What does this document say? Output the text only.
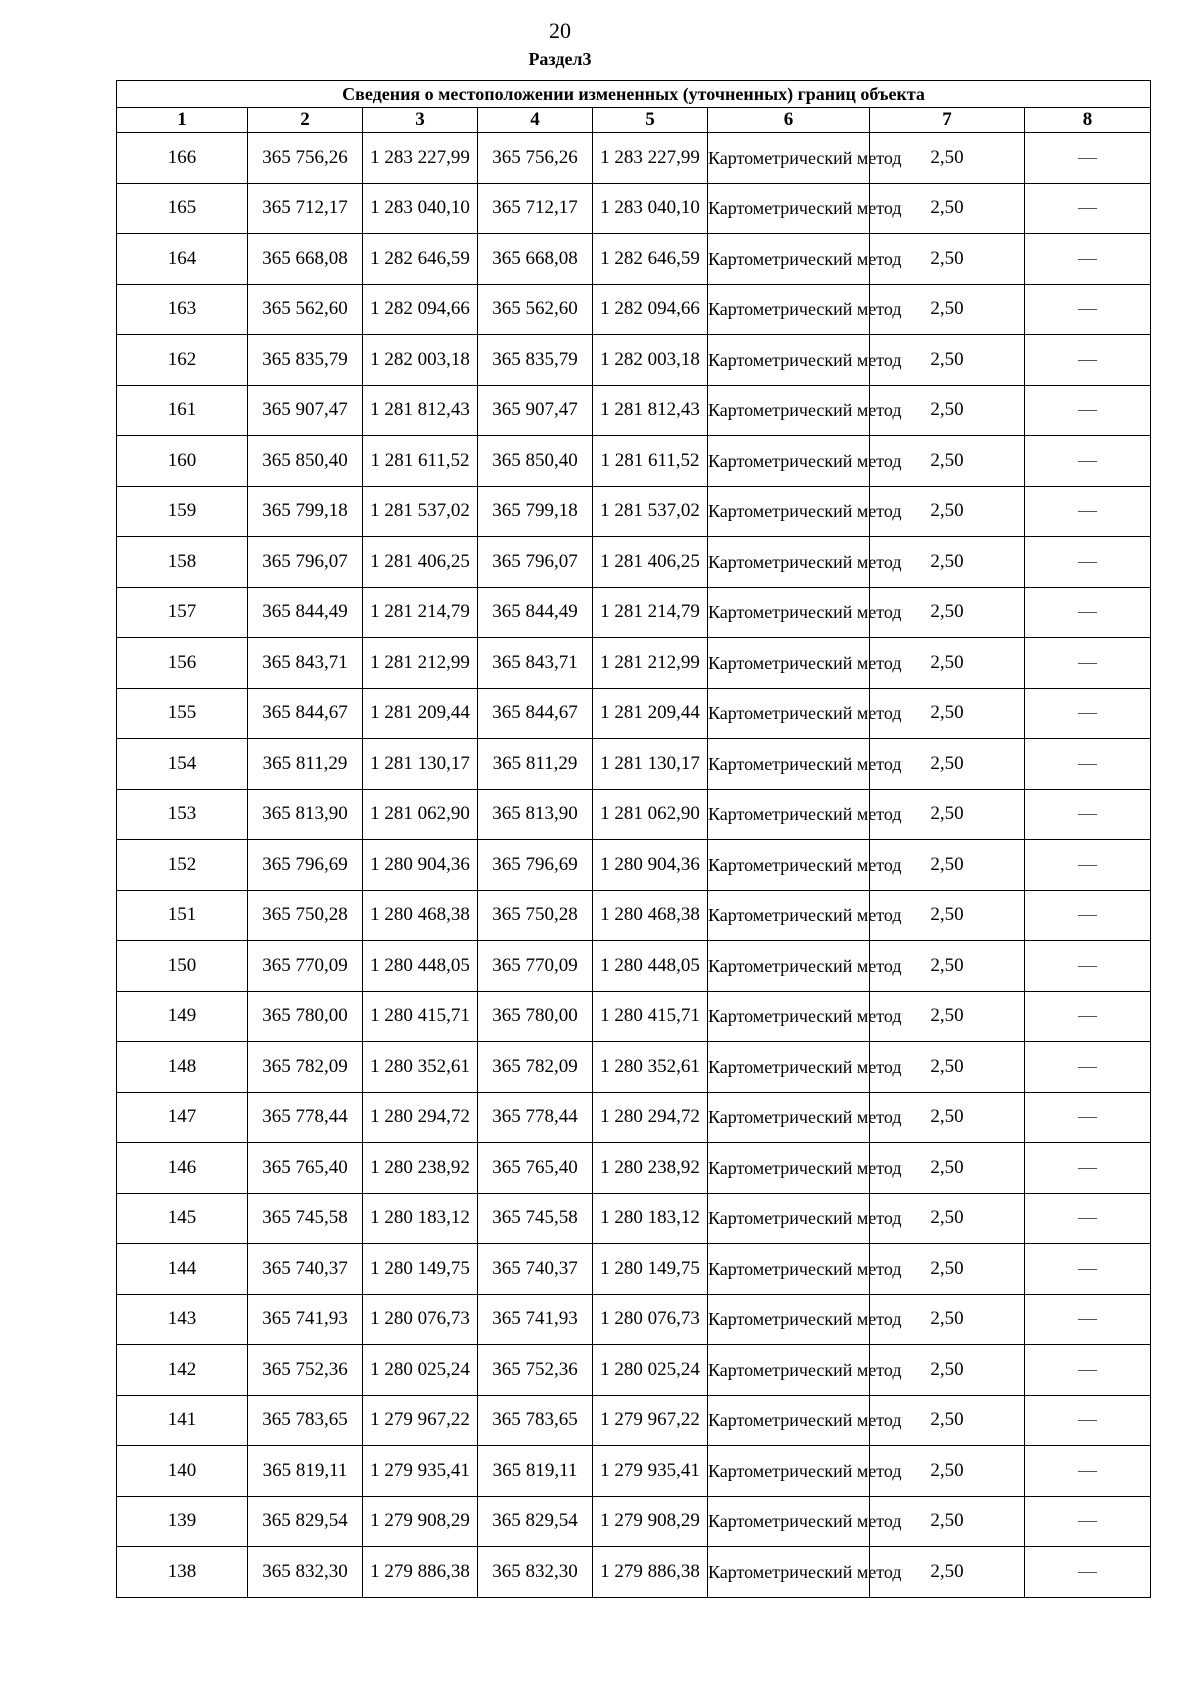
20
Раздел3
Сведения о местоположении измененных (уточненных) границ объекта							
1	2	3	4	5	6	7	8
166	365 756,26	1 283 227,99	365 756,26	1 283 227,99	Картометрический метод	2,50	—
165	365 712,17	1 283 040,10	365 712,17	1 283 040,10	Картометрический метод	2,50	—
164	365 668,08	1 282 646,59	365 668,08	1 282 646,59	Картометрический метод	2,50	—
163	365 562,60	1 282 094,66	365 562,60	1 282 094,66	Картометрический метод	2,50	—
162	365 835,79	1 282 003,18	365 835,79	1 282 003,18	Картометрический метод	2,50	—
161	365 907,47	1 281 812,43	365 907,47	1 281 812,43	Картометрический метод	2,50	—
160	365 850,40	1 281 611,52	365 850,40	1 281 611,52	Картометрический метод	2,50	—
159	365 799,18	1 281 537,02	365 799,18	1 281 537,02	Картометрический метод	2,50	—
158	365 796,07	1 281 406,25	365 796,07	1 281 406,25	Картометрический метод	2,50	—
157	365 844,49	1 281 214,79	365 844,49	1 281 214,79	Картометрический метод	2,50	—
156	365 843,71	1 281 212,99	365 843,71	1 281 212,99	Картометрический метод	2,50	—
155	365 844,67	1 281 209,44	365 844,67	1 281 209,44	Картометрический метод	2,50	—
154	365 811,29	1 281 130,17	365 811,29	1 281 130,17	Картометрический метод	2,50	—
153	365 813,90	1 281 062,90	365 813,90	1 281 062,90	Картометрический метод	2,50	—
152	365 796,69	1 280 904,36	365 796,69	1 280 904,36	Картометрический метод	2,50	—
151	365 750,28	1 280 468,38	365 750,28	1 280 468,38	Картометрический метод	2,50	—
150	365 770,09	1 280 448,05	365 770,09	1 280 448,05	Картометрический метод	2,50	—
149	365 780,00	1 280 415,71	365 780,00	1 280 415,71	Картометрический метод	2,50	—
148	365 782,09	1 280 352,61	365 782,09	1 280 352,61	Картометрический метод	2,50	—
147	365 778,44	1 280 294,72	365 778,44	1 280 294,72	Картометрический метод	2,50	—
146	365 765,40	1 280 238,92	365 765,40	1 280 238,92	Картометрический метод	2,50	—
145	365 745,58	1 280 183,12	365 745,58	1 280 183,12	Картометрический метод	2,50	—
144	365 740,37	1 280 149,75	365 740,37	1 280 149,75	Картометрический метод	2,50	—
143	365 741,93	1 280 076,73	365 741,93	1 280 076,73	Картометрический метод	2,50	—
142	365 752,36	1 280 025,24	365 752,36	1 280 025,24	Картометрический метод	2,50	—
141	365 783,65	1 279 967,22	365 783,65	1 279 967,22	Картометрический метод	2,50	—
140	365 819,11	1 279 935,41	365 819,11	1 279 935,41	Картометрический метод	2,50	—
139	365 829,54	1 279 908,29	365 829,54	1 279 908,29	Картометрический метод	2,50	—
138	365 832,30	1 279 886,38	365 832,30	1 279 886,38	Картометрический метод	2,50	—
